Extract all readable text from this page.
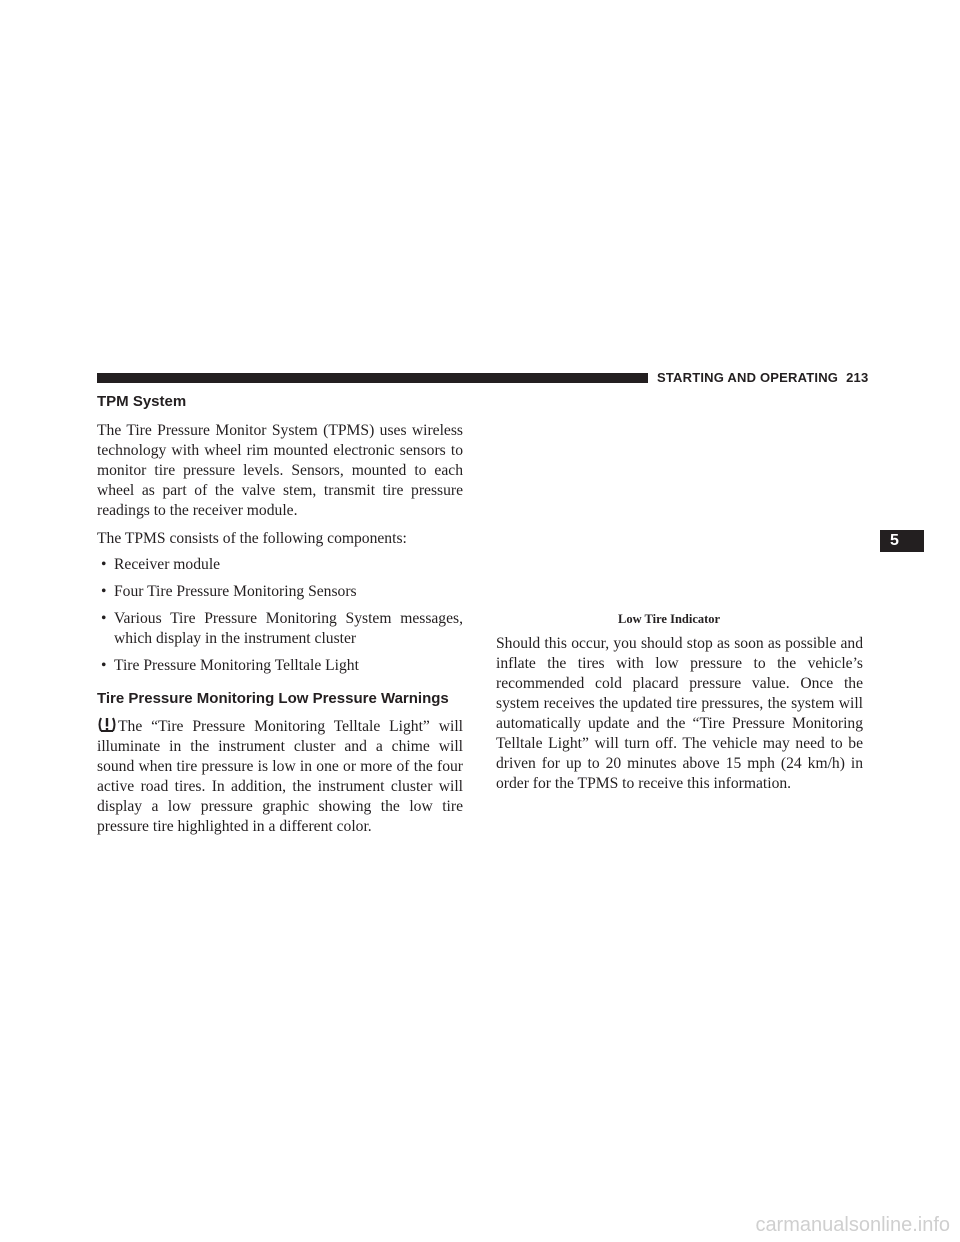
STARTING AND OPERATING 213
5
TPM System

The Tire Pressure Monitor System (TPMS) uses wireless technology with wheel rim mounted electronic sensors to monitor tire pressure levels. Sensors, mounted to each wheel as part of the valve stem, transmit tire pressure readings to the receiver module.

The TPMS consists of the following components:

• Receiver module
• Four Tire Pressure Monitoring Sensors
• Various Tire Pressure Monitoring System messages, which display in the instrument cluster
• Tire Pressure Monitoring Telltale Light
Tire Pressure Monitoring Low Pressure Warnings

The “Tire Pressure Monitoring Telltale Light” will illuminate in the instrument cluster and a chime will sound when tire pressure is low in one or more of the four active road tires. In addition, the instrument cluster will display a low pressure graphic showing the low tire pressure tire highlighted in a different color.

Low Tire Indicator

Should this occur, you should stop as soon as possible and inflate the tires with low pressure to the vehicle’s recommended cold placard pressure value. Once the system receives the updated tire pressures, the system will automatically update and the “Tire Pressure Monitoring Telltale Light” will turn off. The vehicle may need to be driven for up to 20 minutes above 15 mph (24 km/h) in order for the TPMS to receive this information.

carmanualsonline.info
